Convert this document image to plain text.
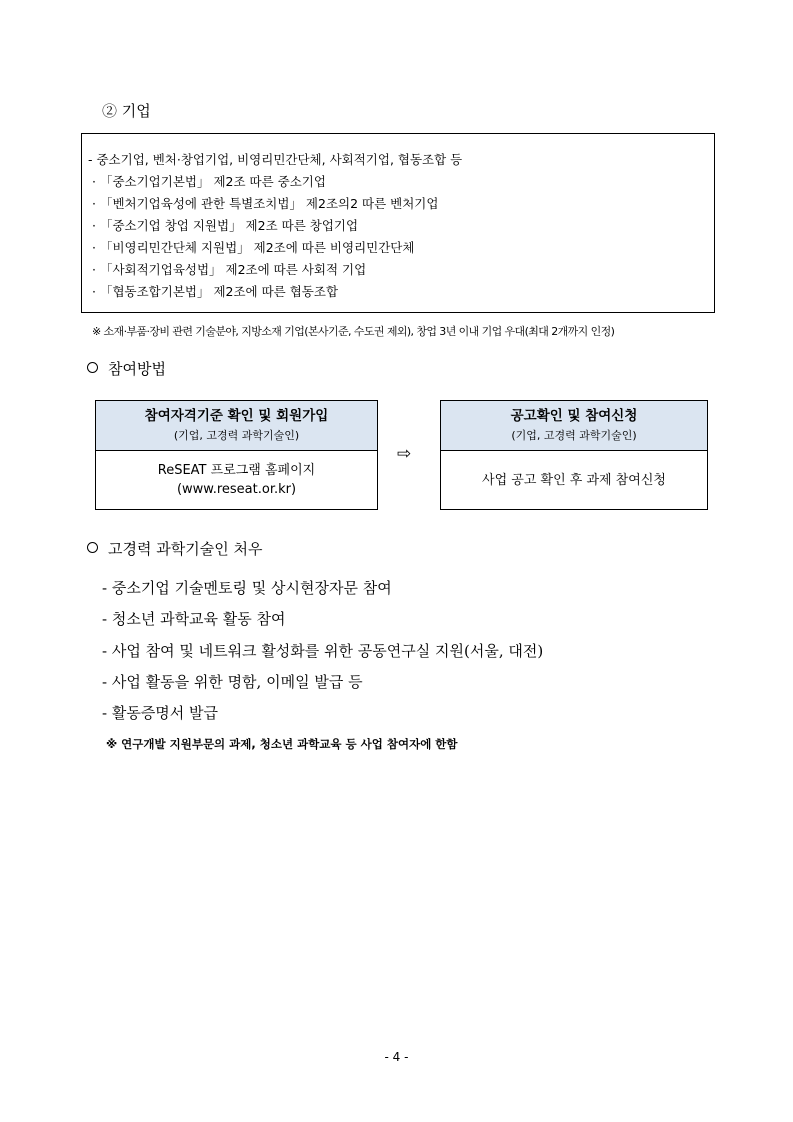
② 기업
- 중소기업, 벤처·창업기업, 비영리민간단체, 사회적기업, 협동조합 등
· 「중소기업기본법」 제2조 따른 중소기업
· 「벤처기업육성에 관한 특별조치법」 제2조의2 따른 벤처기업
· 「중소기업 창업 지원법」 제2조 따른 창업기업
· 「비영리민간단체 지원법」 제2조에 따른 비영리민간단체
· 「사회적기업육성법」 제2조에 따른 사회적 기업
· 「협동조합기본법」 제2조에 따른 협동조합
※ 소재·부품·장비 관련 기술분야, 지방소재 기업(본사기준, 수도권 제외), 창업 3년 이내 기업 우대(최대 2개까지 인정)
참여방법
참여자격기준 확인 및 회원가입
(기업, 고경력 과학기술인)
ReSEAT 프로그램 홈페이지
(www.reseat.or.kr)
⇨
공고확인 및 참여신청
(기업, 고경력 과학기술인)
사업 공고 확인 후 과제 참여신청
고경력 과학기술인 처우
- 중소기업 기술멘토링 및 상시현장자문 참여
- 청소년 과학교육 활동 참여
- 사업 참여 및 네트워크 활성화를 위한 공동연구실 지원(서울, 대전)
- 사업 활동을 위한 명함, 이메일 발급 등
- 활동증명서 발급
※ 연구개발 지원부문의 과제, 청소년 과학교육 등 사업 참여자에 한함
- 4 -
